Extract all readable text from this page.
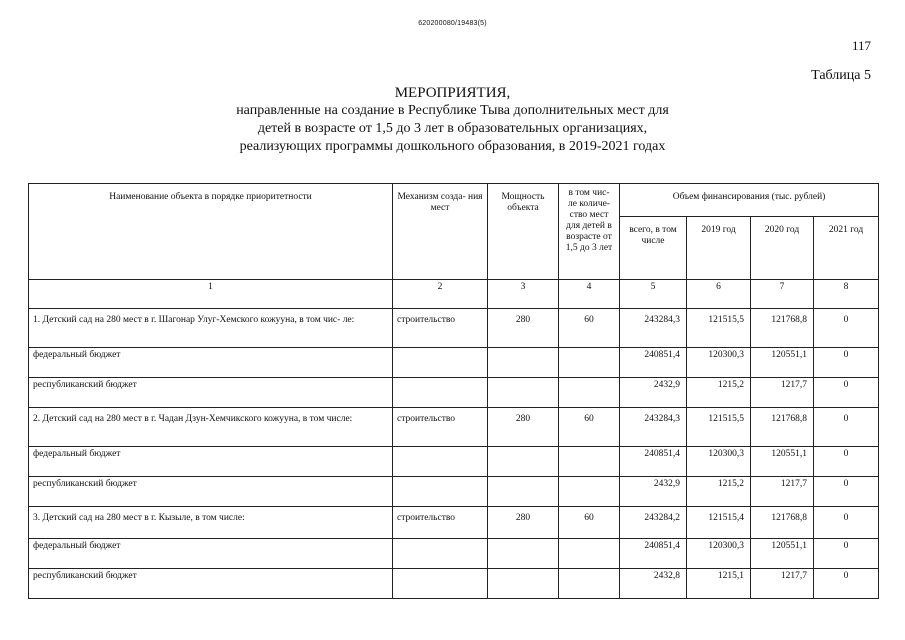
620200080/19483(5)
117
Таблица 5
МЕРОПРИЯТИЯ,
направленные на создание в Республике Тыва дополнительных мест для детей в возрасте от 1,5 до 3 лет в образовательных организациях, реализующих программы дошкольного образования, в 2019-2021 годах
Наименование объекта в порядке приоритетности	Механизм созда- ния мест	Мощность объекта	в том чис- ле количе- ство мест для детей в возрасте от 1,5 до 3 лет	Объем финансирования (тыс. рублей)			
				всего, в том числе	2019 год	2020 год	2021 год
1	2	3	4	5	6	7	8
1. Детский сад на 280 мест в г. Шагонар Улуг-Хемского кожууна, в том чис- ле:	строительство	280	60	243284,3	121515,5	121768,8	0
федеральный бюджет				240851,4	120300,3	120551,1	0
республиканский бюджет				2432,9	1215,2	1217,7	0
2. Детский сад на 280 мест в г. Чадан Дзун-Хемчикского кожууна, в том числе:	строительство	280	60	243284,3	121515,5	121768,8	0
федеральный бюджет				240851,4	120300,3	120551,1	0
республиканский бюджет				2432,9	1215,2	1217,7	0
3. Детский сад на 280 мест в г. Кызыле, в том числе:	строительство	280	60	243284,2	121515,4	121768,8	0
федеральный бюджет				240851,4	120300,3	120551,1	0
республиканский бюджет				2432,8	1215,1	1217,7	0
